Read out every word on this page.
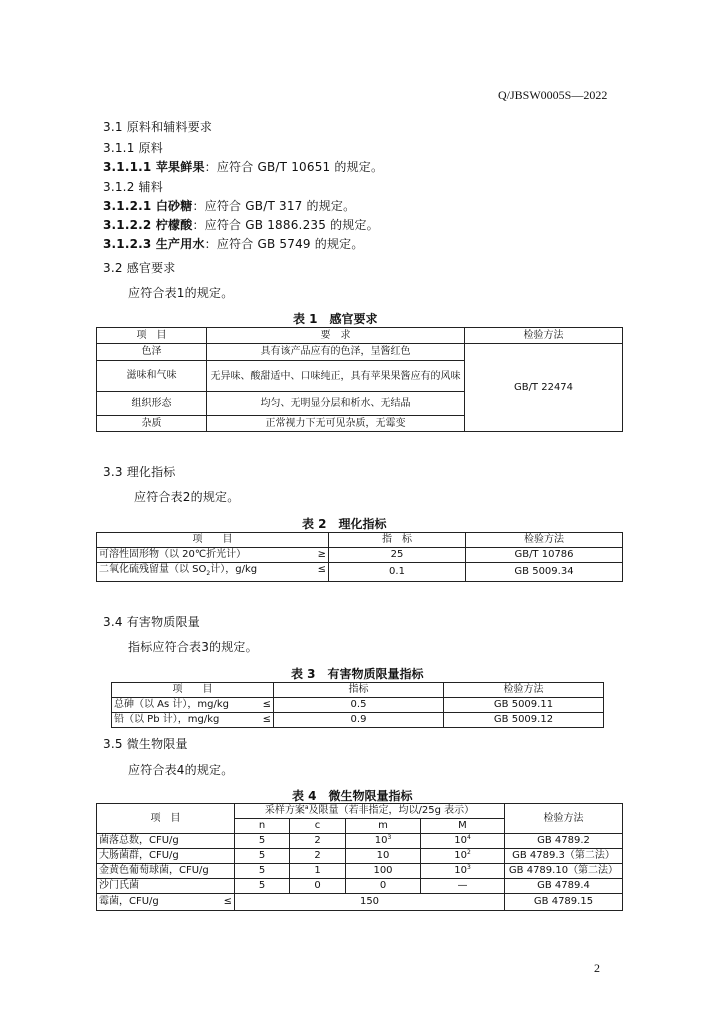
Q/JBSW0005S—2022
3.1 原料和辅料要求
3.1.1 原料
3.1.1.1 苹果鲜果：应符合 GB/T 10651 的规定。
3.1.2 辅料
3.1.2.1 白砂糖：应符合 GB/T 317 的规定。
3.1.2.2 柠檬酸：应符合 GB 1886.235 的规定。
3.1.2.3 生产用水：应符合 GB 5749 的规定。
3.2 感官要求
应符合表1的规定。
表 1　感官要求
项　目	要　求	检验方法
色泽	具有该产品应有的色泽，呈酱红色	GB/T 22474
滋味和气味	无异味、酸甜适中、口味纯正，具有苹果果酱应有的风味	
组织形态	均匀、无明显分层和析水、无结晶	
杂质	正常视力下无可见杂质，无霉变	
3.3 理化指标
应符合表2的规定。
表 2　理化指标
项　　目	指　标	检验方法

可溶性固形物（以 20℃折光计） ≥	25	GB/T 10786

二氧化硫残留量（以 $SO_2$计），g/kg ≤	0.1	GB 5009.34
3.4 有害物质限量
指标应符合表3的规定。
表 3　有害物质限量指标
项　　目	指标	检验方法

总砷（以 As 计），mg/kg ≤	0.5	GB 5009.11

铅（以 Pb 计），mg/kg ≤	0.9	GB 5009.12
3.5 微生物限量
应符合表4的规定。
表 4　微生物限量指标
项　目	采样方案$^a$及限量（若非指定，均以/25g 表示）				检验方法
	n	c	m	M	
菌落总数，CFU/g	5	2	$10^3$	$10^4$	GB 4789.2
大肠菌群，CFU/g	5	2	10	$10^2$	GB 4789.3（第二法）
金黄色葡萄球菌，CFU/g	5	1	100	$10^3$	GB 4789.10（第二法）
沙门氏菌	5	0	0	—	GB 4789.4

霉菌，CFU/g ≤	150				GB 4789.15
2
